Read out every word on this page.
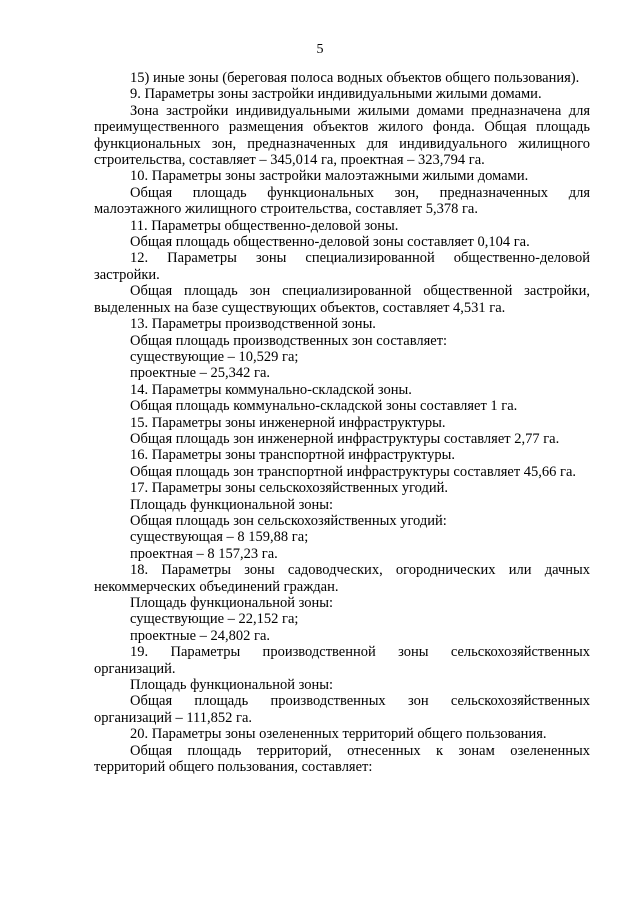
5

15) иные зоны (береговая полоса водных объектов общего пользования).

9. Параметры зоны застройки индивидуальными жилыми домами.

Зона застройки индивидуальными жилыми домами предназначена для преимущественного размещения объектов жилого фонда. Общая площадь функциональных зон, предназначенных для индивидуального жилищного строительства, составляет – 345,014 га, проектная – 323,794 га.

10. Параметры зоны застройки малоэтажными жилыми домами.

Общая площадь функциональных зон, предназначенных для малоэтажного жилищного строительства, составляет 5,378 га.

11. Параметры общественно-деловой зоны.

Общая площадь общественно-деловой зоны составляет 0,104 га.

12. Параметры зоны специализированной общественно-деловой застройки.

Общая площадь зон специализированной общественной застройки, выделенных на базе существующих объектов, составляет 4,531 га.

13. Параметры производственной зоны.

Общая площадь производственных зон составляет:

существующие – 10,529 га;

проектные – 25,342 га.

14. Параметры коммунально-складской зоны.

Общая площадь коммунально-складской зоны составляет 1 га.

15. Параметры зоны инженерной инфраструктуры.

Общая площадь зон инженерной инфраструктуры составляет 2,77 га.

16. Параметры зоны транспортной инфраструктуры.

Общая площадь зон транспортной инфраструктуры составляет 45,66 га.

17. Параметры зоны сельскохозяйственных угодий.

Площадь функциональной зоны:

Общая площадь зон сельскохозяйственных угодий:

существующая – 8 159,88 га;

проектная – 8 157,23 га.

18. Параметры зоны садоводческих, огороднических или дачных некоммерческих объединений граждан.

Площадь функциональной зоны:

существующие – 22,152 га;

проектные – 24,802 га.

19. Параметры производственной зоны сельскохозяйственных организаций.

Площадь функциональной зоны:

Общая площадь производственных зон сельскохозяйственных организаций – 111,852 га.

20. Параметры зоны озелененных территорий общего пользования.

Общая площадь территорий, отнесенных к зонам озелененных территорий общего пользования, составляет:
